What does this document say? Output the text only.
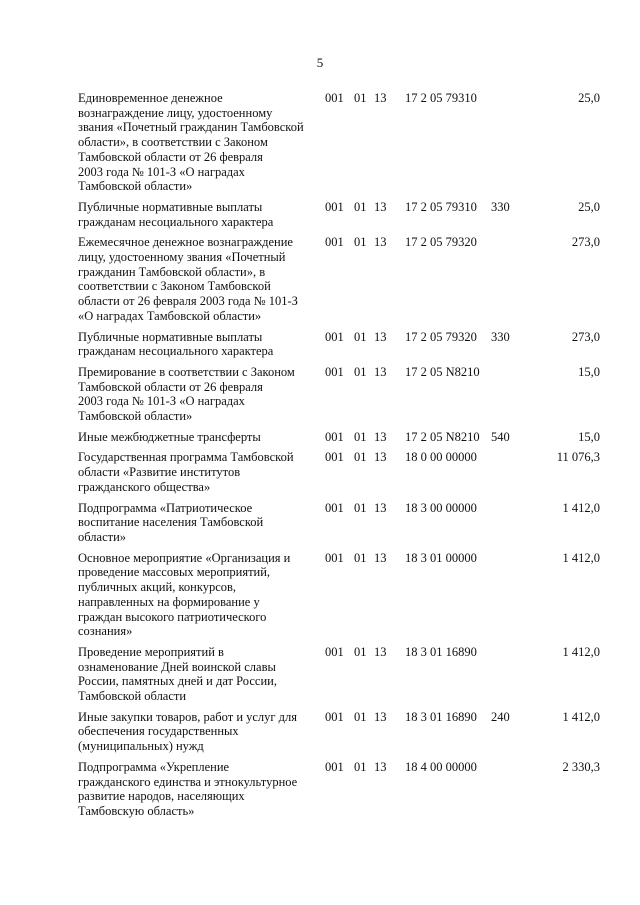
5
Единовременное денежное
вознаграждение лицу, удостоенному
звания «Почетный гражданин Тамбовской
области», в соответствии с Законом
Тамбовской области от 26 февраля
2003 года № 101-З «О наградах
Тамбовской области»
001 01 13 17 2 05 79310	25,0
Публичные нормативные выплаты
гражданам несоциального характера
001 01 13 17 2 05 79310 330	25,0
Ежемесячное денежное вознаграждение
лицу, удостоенному звания «Почетный
гражданин Тамбовской области», в
соответствии с Законом Тамбовской
области от 26 февраля 2003 года № 101-З
«О наградах Тамбовской области»
001 01 13 17 2 05 79320	273,0
Публичные нормативные выплаты
гражданам несоциального характера
001 01 13 17 2 05 79320 330	273,0
Премирование в соответствии с Законом
Тамбовской области от 26 февраля
2003 года № 101-З «О наградах
Тамбовской области»
001 01 13 17 2 05 N8210	15,0
Иные межбюджетные трансферты	001 01 13 17 2 05 N8210 540	15,0
Государственная программа Тамбовской
области «Развитие институтов
гражданского общества»
001 01 13 18 0 00 00000	11 076,3
Подпрограмма «Патриотическое
воспитание населения Тамбовской
области»
001 01 13 18 3 00 00000	1 412,0
Основное мероприятие «Организация и
проведение массовых мероприятий,
публичных акций, конкурсов,
направленных на формирование у
граждан высокого патриотического
сознания»
001 01 13 18 3 01 00000	1 412,0
Проведение мероприятий в
ознаменование Дней воинской славы
России, памятных дней и дат России,
Тамбовской области
001 01 13 18 3 01 16890	1 412,0
Иные закупки товаров, работ и услуг для
обеспечения государственных
(муниципальных) нужд
001 01 13 18 3 01 16890 240	1 412,0
Подпрограмма «Укрепление
гражданского единства и этнокультурное
развитие народов, населяющих
Тамбовскую область»
001 01 13 18 4 00 00000	2 330,3
